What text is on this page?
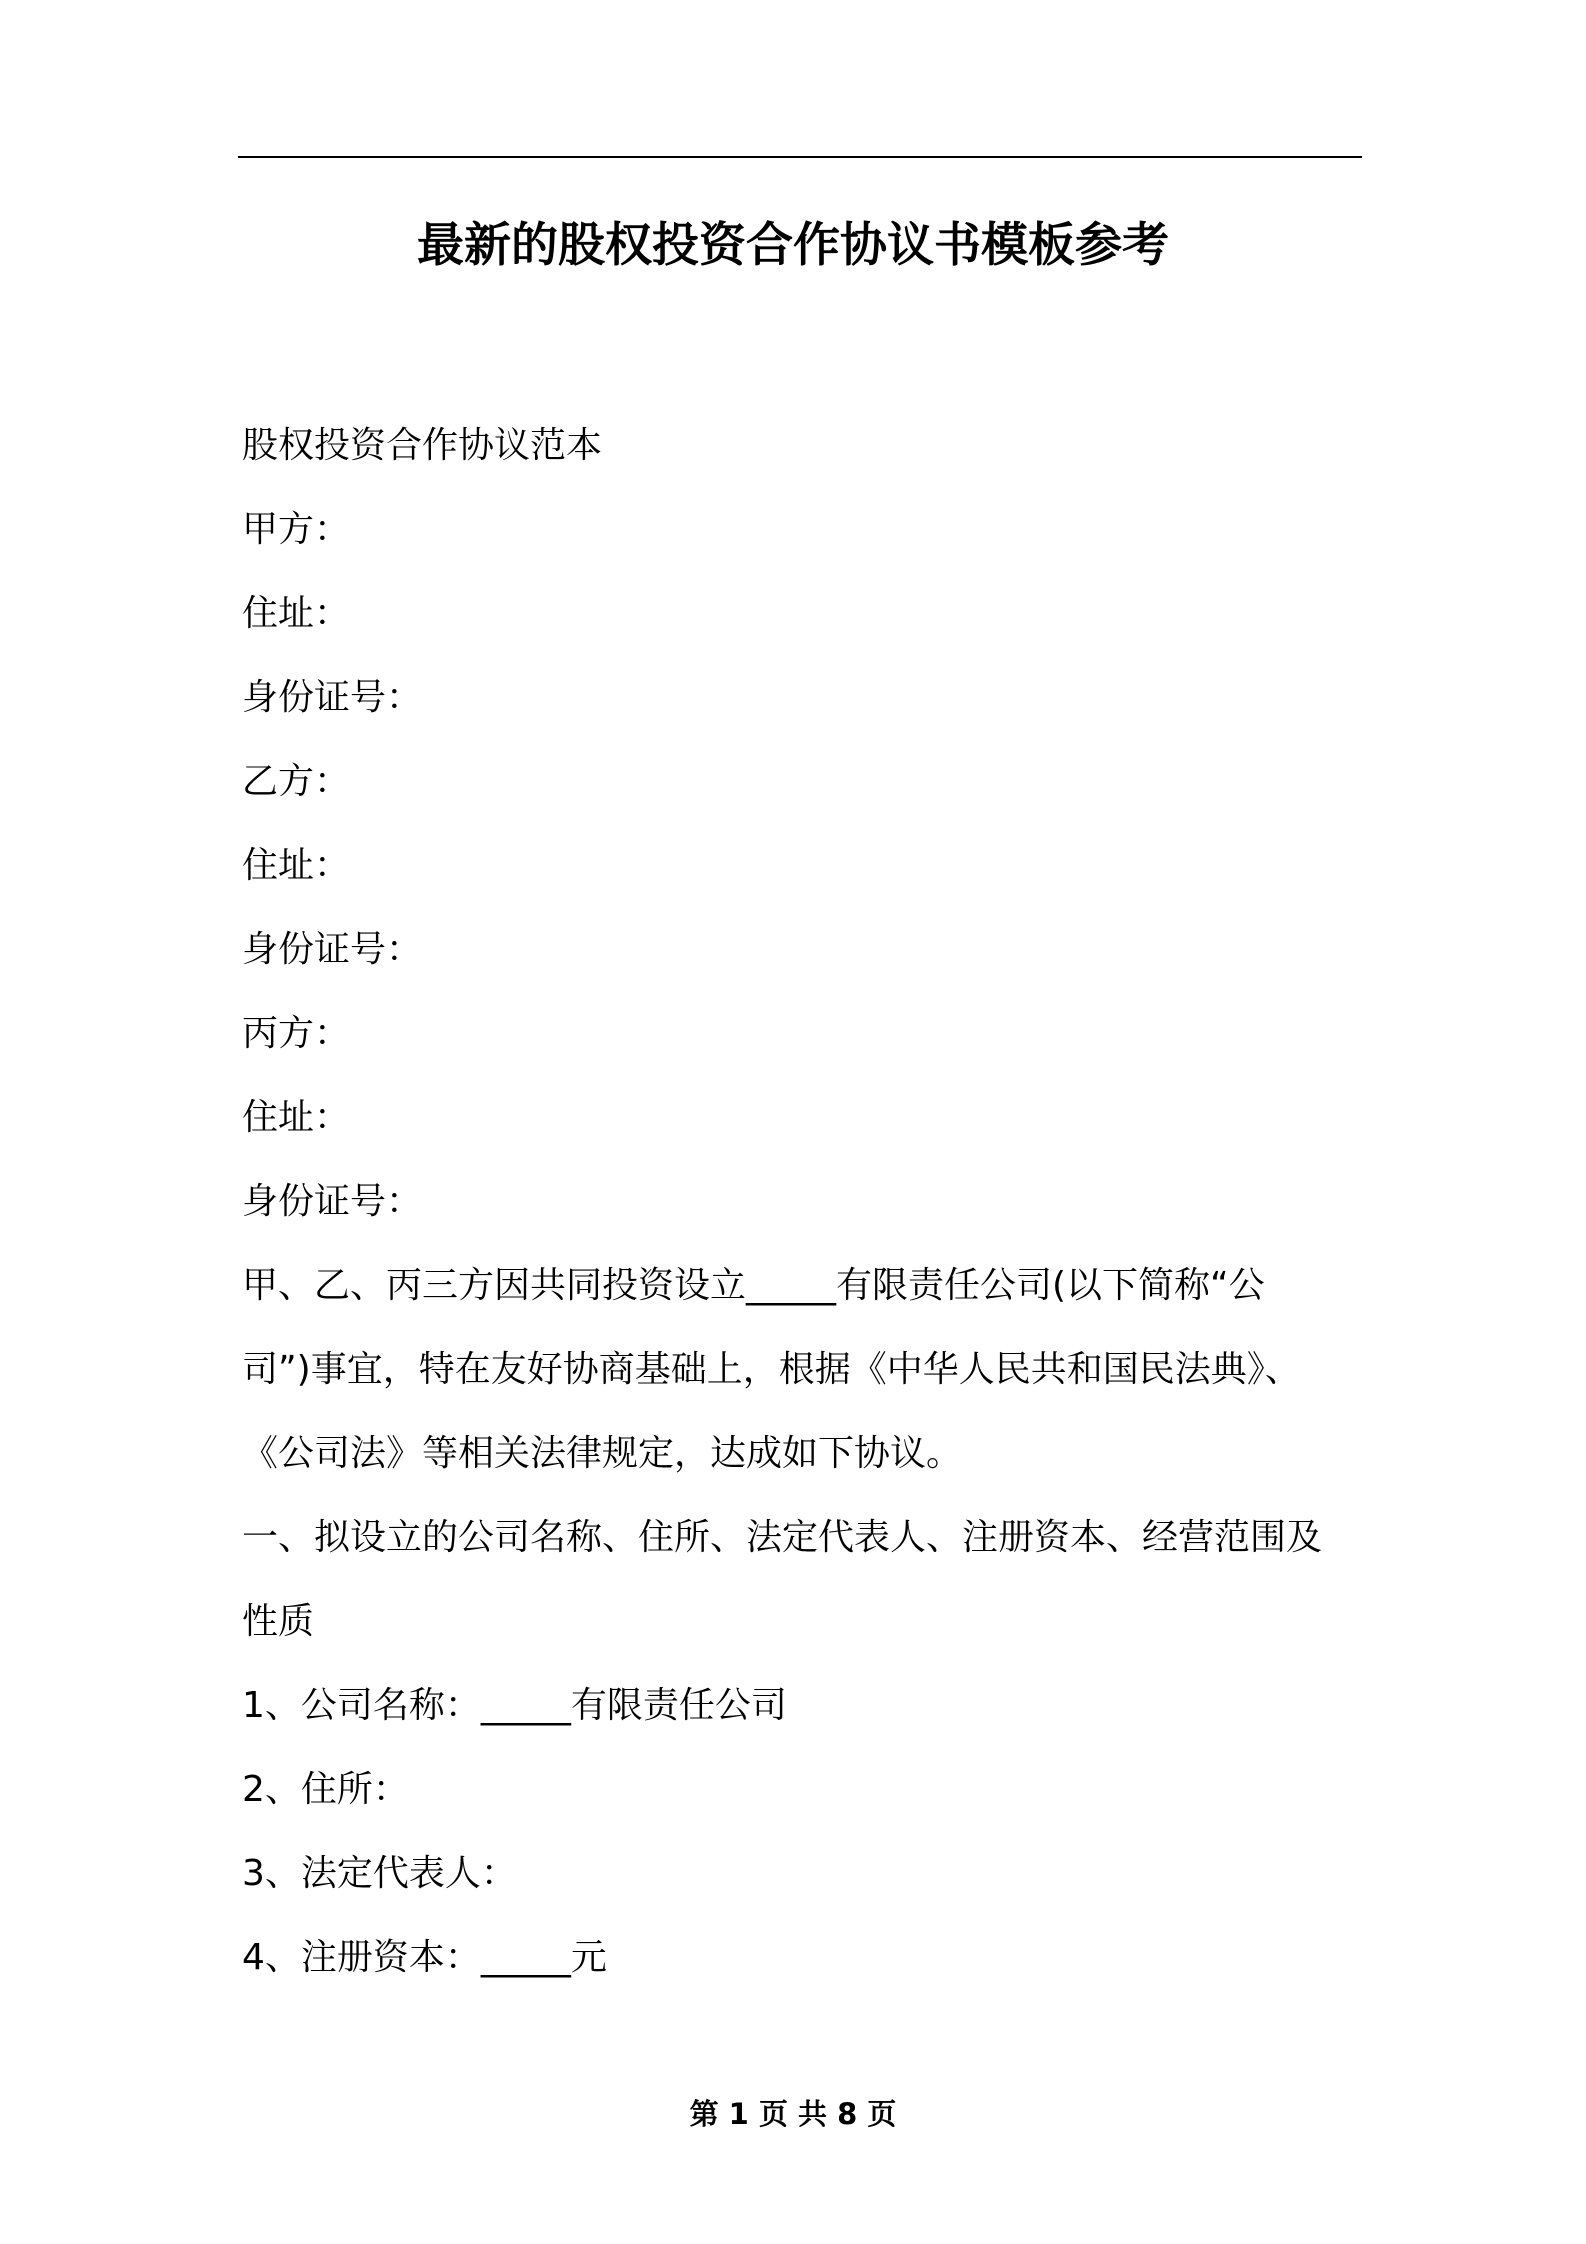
最新的股权投资合作协议书模板参考

股权投资合作协议范本

甲方：

住址：

身份证号：

乙方：

住址：

身份证号：

丙方：

住址：

身份证号：

甲、乙、丙三方因共同投资设立_____有限责任公司(以下简称“公

司”)事宜，特在友好协商基础上，根据《中华人民共和国民法典》、

《公司法》等相关法律规定，达成如下协议。

一、拟设立的公司名称、住所、法定代表人、注册资本、经营范围及

性质

1、公司名称：_____有限责任公司

2、住所：

3、法定代表人：

4、注册资本：_____元

第 1 页 共 8 页
